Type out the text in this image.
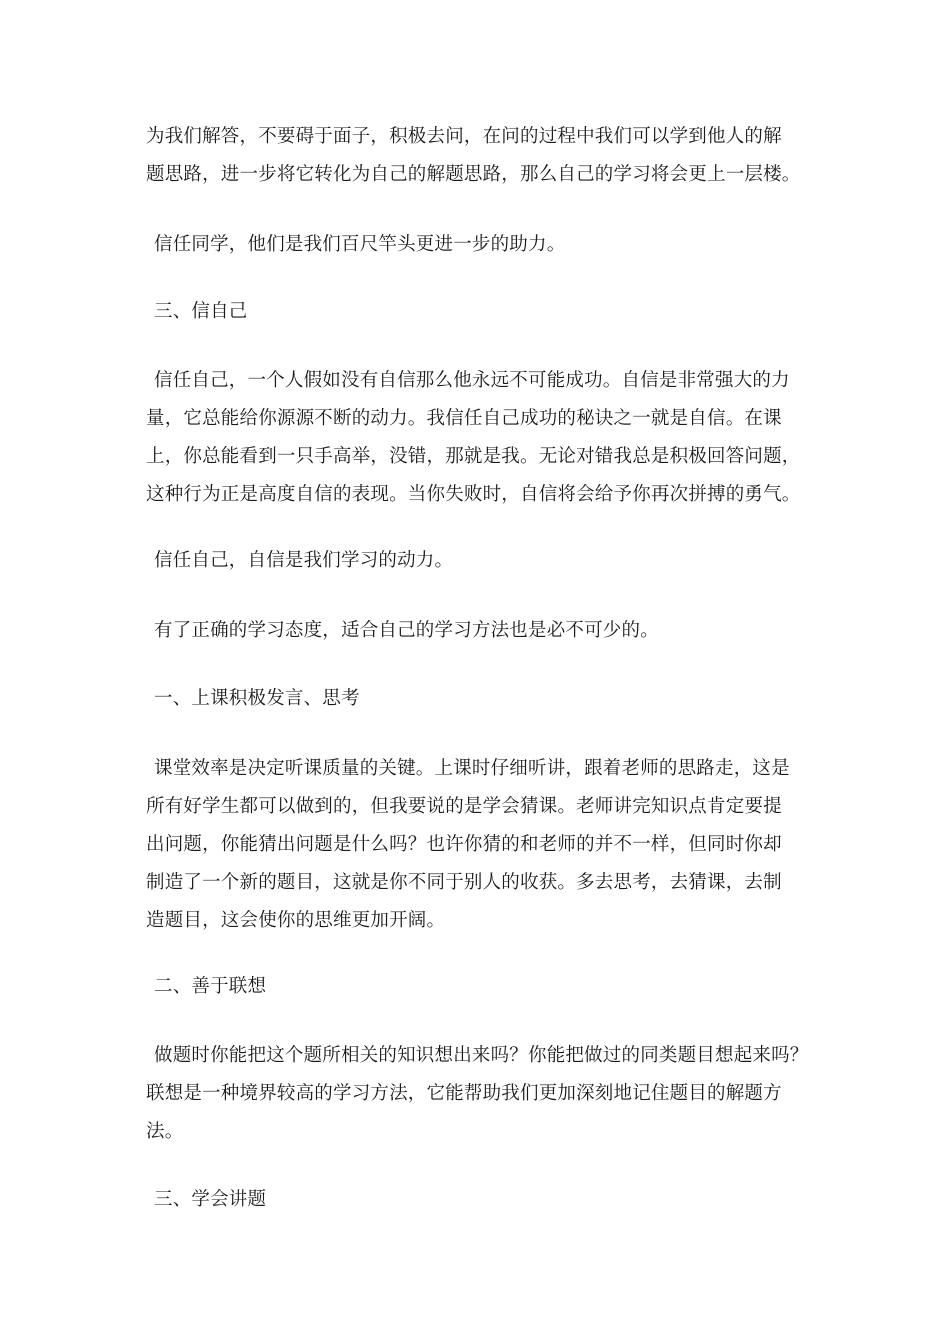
为我们解答，不要碍于面子，积极去问，在问的过程中我们可以学到他人的解
题思路，进一步将它转化为自己的解题思路，那么自己的学习将会更上一层楼。
信任同学，他们是我们百尺竿头更进一步的助力。
三、信自己
信任自己，一个人假如没有自信那么他永远不可能成功。自信是非常强大的力
量，它总能给你源源不断的动力。我信任自己成功的秘诀之一就是自信。在课
上，你总能看到一只手高举，没错，那就是我。无论对错我总是积极回答问题，
这种行为正是高度自信的表现。当你失败时，自信将会给予你再次拼搏的勇气。
信任自己，自信是我们学习的动力。
有了正确的学习态度，适合自己的学习方法也是必不可少的。
一、上课积极发言、思考
课堂效率是决定听课质量的关键。上课时仔细听讲，跟着老师的思路走，这是
所有好学生都可以做到的，但我要说的是学会猜课。老师讲完知识点肯定要提
出问题，你能猜出问题是什么吗？也许你猜的和老师的并不一样，但同时你却
制造了一个新的题目，这就是你不同于别人的收获。多去思考，去猜课，去制
造题目，这会使你的思维更加开阔。
二、善于联想
做题时你能把这个题所相关的知识想出来吗？你能把做过的同类题目想起来吗？
联想是一种境界较高的学习方法，它能帮助我们更加深刻地记住题目的解题方
法。
三、学会讲题
